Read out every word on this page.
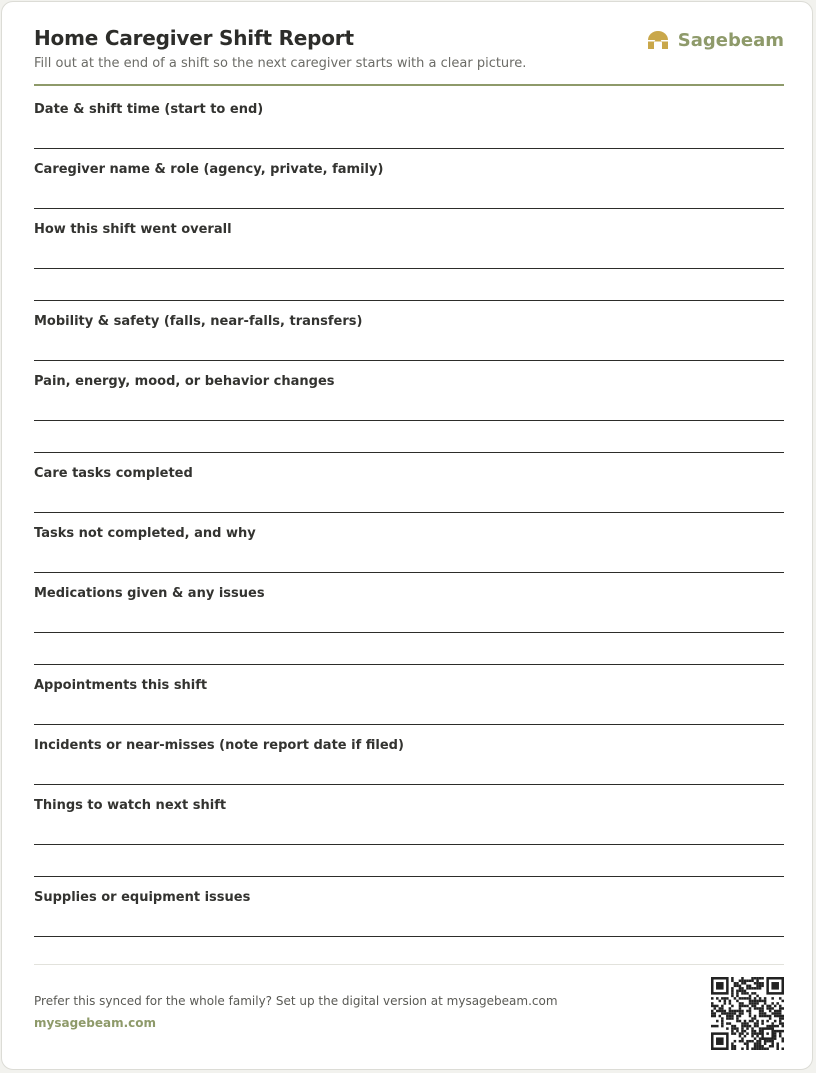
Home Caregiver Shift Report
Fill out at the end of a shift so the next caregiver starts with a clear picture.
Sagebeam
Date & shift time (start to end)
Caregiver name & role (agency, private, family)
How this shift went overall
Mobility & safety (falls, near-falls, transfers)
Pain, energy, mood, or behavior changes
Care tasks completed
Tasks not completed, and why
Medications given & any issues
Appointments this shift
Incidents or near-misses (note report date if filed)
Things to watch next shift
Supplies or equipment issues
Prefer this synced for the whole family? Set up the digital version at mysagebeam.com
mysagebeam.com
